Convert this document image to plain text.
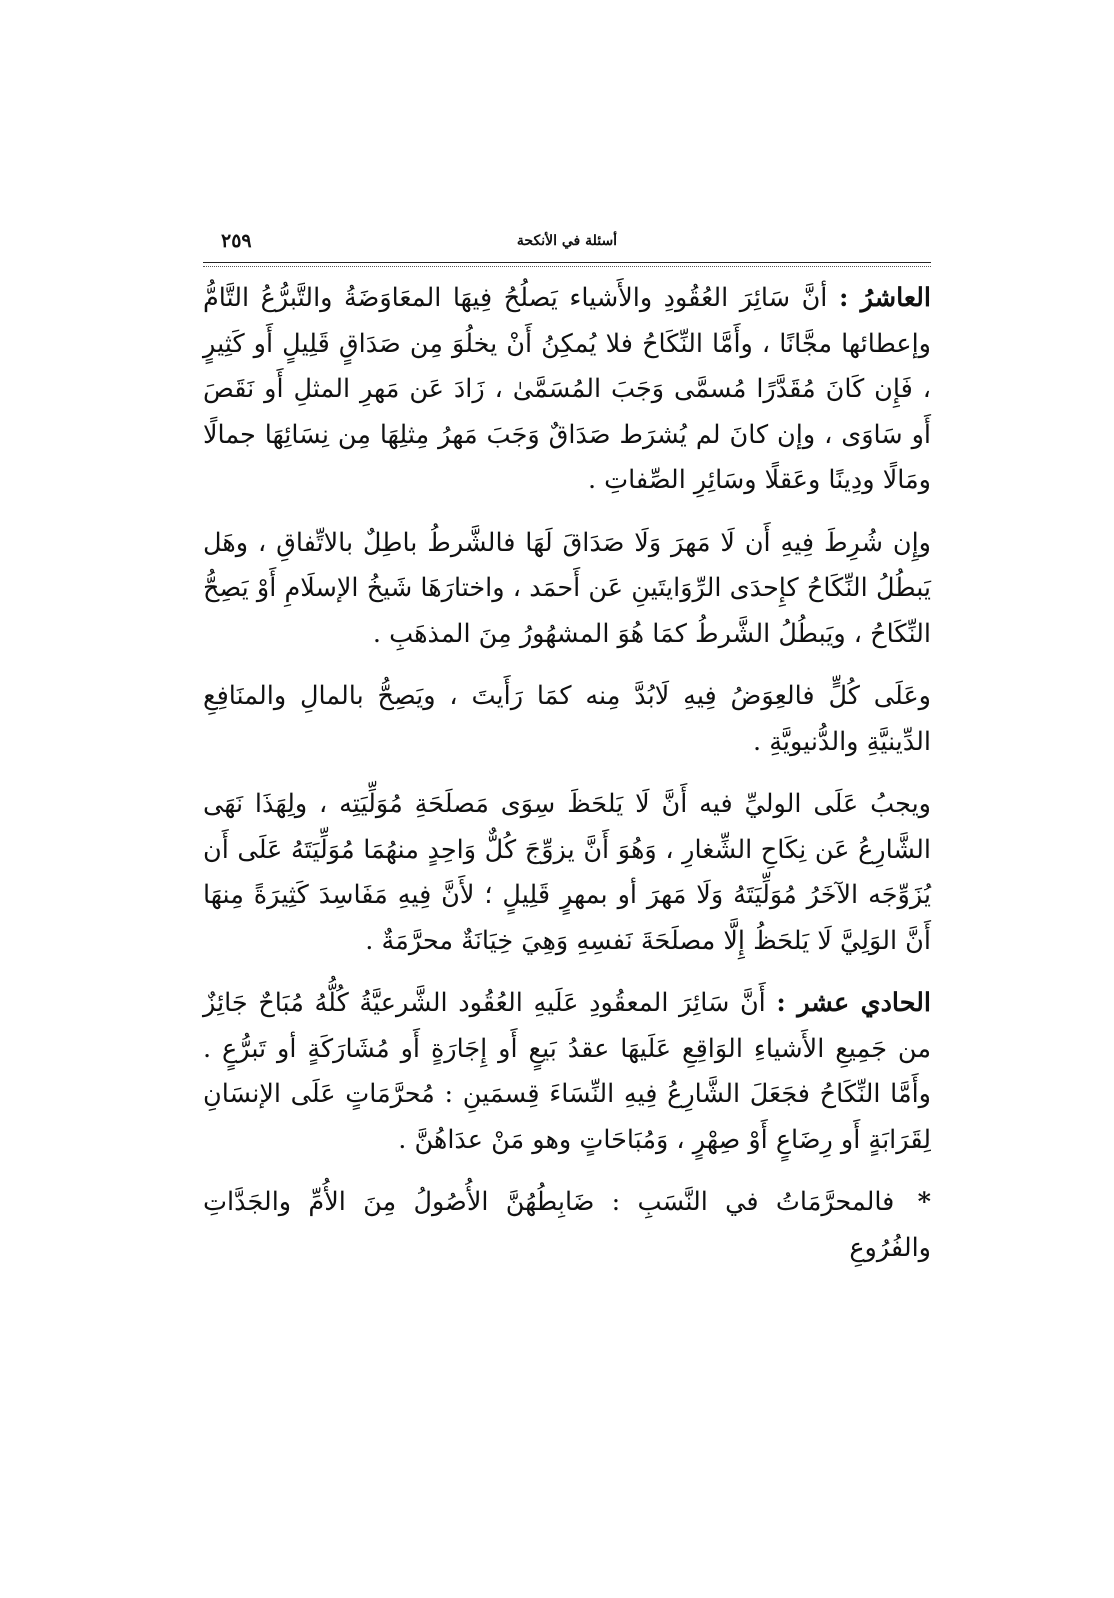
٢٥٩	أسئلة في الأنكحة

العاشرُ : أنَّ سَائِرَ العُقُودِ والأَشياء يَصلُحُ فِيهَا المعَاوَضَةُ والتَّبرُّعُ التَّامُّ وإعطائها مجَّانًا ، وأَمَّا النِّكَاحُ فلا يُمكِنُ أَنْ يخلُوَ مِن صَدَاقٍ قَلِيلٍ أَو كَثِيرٍ ، فَإِن كَانَ مُقَدَّرًا مُسمَّى وَجَبَ المُسَمَّىٰ ، زَادَ عَن مَهرِ المثلِ أَو نَقَصَ أَو سَاوَى ، وإن كانَ لم يُشرَط صَدَاقٌ وَجَبَ مَهرُ مِثلِهَا مِن نِسَائِهَا جمالًا ومَالًا ودِينًا وعَقلًا وسَائِرِ الصِّفاتِ .

وإِن شُرِطَ فِيهِ أَن لَا مَهرَ وَلَا صَدَاقَ لَهَا فالشَّرطُ باطِلٌ بالاتِّفاقِ ، وهَل يَبطُلُ النِّكَاحُ كإِحدَى الرِّوَايتَينِ عَن أَحمَد ، واختارَهَا شَيخُ الإسلَامِ أَوْ يَصِحُّ النِّكَاحُ ، ويَبطُلُ الشَّرطُ كمَا هُوَ المشهُورُ مِنَ المذهَبِ .

وعَلَى كُلٍّ فالعِوَضُ فِيهِ لَابُدَّ مِنه كمَا رَأَيتَ ، ويَصِحُّ بالمالِ والمنَافِعِ الدِّينيَّةِ والدُّنيويَّةِ .

ويجبُ عَلَى الوليِّ فيه أَنَّ لَا يَلحَظَ سِوَى مَصلَحَةِ مُوَلِّيَتِه ، ولِهَذَا نَهَى الشَّارِعُ عَن نِكَاحِ الشِّغارِ ، وَهُوَ أَنَّ يزوِّجَ كُلٌّ وَاحِدٍ منهُمَا مُوَلِّيَتَهُ عَلَى أَن يُزَوِّجَه الآخَرُ مُوَلِّيَتَهُ وَلَا مَهرَ أو بمهرٍ قَلِيلٍ ؛ لأَنَّ فِيهِ مَفَاسِدَ كَثِيرَةً مِنهَا أَنَّ الوَلِيَّ لَا يَلحَظُ إِلَّا مصلَحَةَ نَفسِهِ وَهِيَ خِيَانَةٌ محرَّمَةٌ .

الحادي عشر : أَنَّ سَائِرَ المعقُودِ عَلَيهِ العُقُود الشَّرعيَّةُ كُلُّهُ مُبَاحٌ جَائِزٌ من جَمِيعِ الأَشياءِ الوَاقِعِ عَلَيهَا عقدُ بَيعٍ أَو إِجَارَةٍ أَو مُشَارَكَةٍ أو تَبرُّعٍ . وأَمَّا النِّكَاحُ فجَعَلَ الشَّارِعُ فِيهِ النِّسَاءَ قِسمَينِ : مُحرَّمَاتٍ عَلَى الإنسَانِ لِقَرَابَةٍ أَو رِضَاعٍ أَوْ صِهْرٍ ، وَمُبَاحَاتٍ وهو مَنْ عدَاهُنَّ .

* فالمحرَّمَاتُ في النَّسَبِ : ضَابِطُهُنَّ الأُصُولُ مِنَ الأُمِّ والجَدَّاتِ والفُرُوعِ
